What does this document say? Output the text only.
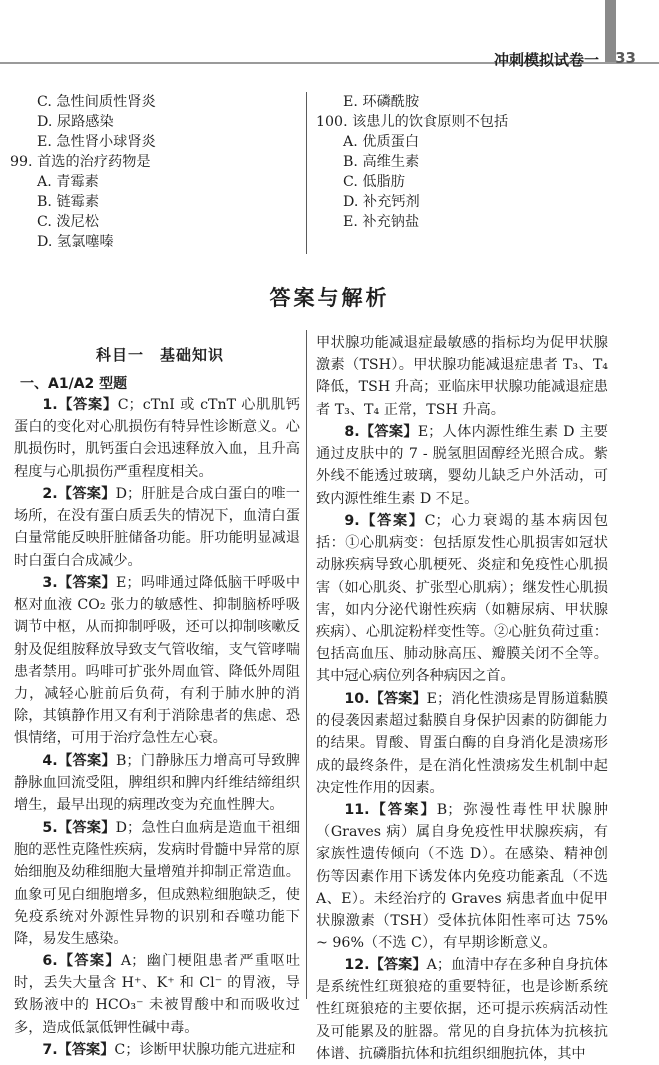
冲刺模拟试卷一 33
C. 急性间质性肾炎
D. 尿路感染
E. 急性肾小球肾炎
99. 首选的治疗药物是
A. 青霉素
B. 链霉素
C. 泼尼松
D. 氢氯噻嗪
E. 环磷酰胺
100. 该患儿的饮食原则不包括
A. 优质蛋白
B. 高维生素
C. 低脂肪
D. 补充钙剂
E. 补充钠盐
答案与解析
科目一　基础知识
一、A1/A2 型题
1.【答案】C；cTnI 或 cTnT 心肌肌钙蛋白的变化对心肌损伤有特异性诊断意义。心肌损伤时，肌钙蛋白会迅速释放入血，且升高程度与心肌损伤严重程度相关。
2.【答案】D；肝脏是合成白蛋白的唯一场所，在没有蛋白质丢失的情况下，血清白蛋白量常能反映肝脏储备功能。肝功能明显减退时白蛋白合成减少。
3.【答案】E；吗啡通过降低脑干呼吸中枢对血液 CO₂ 张力的敏感性、抑制脑桥呼吸调节中枢，从而抑制呼吸，还可以抑制咳嗽反射及促组胺释放导致支气管收缩，支气管哮喘患者禁用。吗啡可扩张外周血管、降低外周阻力，减轻心脏前后负荷，有利于肺水肿的消除，其镇静作用又有利于消除患者的焦虑、恐惧情绪，可用于治疗急性左心衰。
4.【答案】B；门静脉压力增高可导致脾静脉血回流受阻，脾组织和脾内纤维结缔组织增生，最早出现的病理改变为充血性脾大。
5.【答案】D；急性白血病是造血干祖细胞的恶性克隆性疾病，发病时骨髓中异常的原始细胞及幼稚细胞大量增殖并抑制正常造血。血象可见白细胞增多，但成熟粒细胞缺乏，使免疫系统对外源性异物的识别和吞噬功能下降，易发生感染。
6.【答案】A；幽门梗阻患者严重呕吐时，丢失大量含 H⁺、K⁺ 和 Cl⁻ 的胃液，导致肠液中的 HCO₃⁻ 未被胃酸中和而吸收过多，造成低氯低钾性碱中毒。
7.【答案】C；诊断甲状腺功能亢进症和
甲状腺功能减退症最敏感的指标均为促甲状腺激素（TSH）。甲状腺功能减退症患者 T₃、T₄ 降低，TSH 升高；亚临床甲状腺功能减退症患者 T₃、T₄ 正常，TSH 升高。
8.【答案】E；人体内源性维生素 D 主要通过皮肤中的 7 - 脱氢胆固醇经光照合成。紫外线不能透过玻璃，婴幼儿缺乏户外活动，可致内源性维生素 D 不足。
9.【答案】C；心力衰竭的基本病因包括：①心肌病变：包括原发性心肌损害如冠状动脉疾病导致心肌梗死、炎症和免疫性心肌损害（如心肌炎、扩张型心肌病）；继发性心肌损害，如内分泌代谢性疾病（如糖尿病、甲状腺疾病）、心肌淀粉样变性等。②心脏负荷过重：包括高血压、肺动脉高压、瓣膜关闭不全等。其中冠心病位列各种病因之首。
10.【答案】E；消化性溃疡是胃肠道黏膜的侵袭因素超过黏膜自身保护因素的防御能力的结果。胃酸、胃蛋白酶的自身消化是溃疡形成的最终条件，是在消化性溃疡发生机制中起决定性作用的因素。
11.【答案】B；弥漫性毒性甲状腺肿（Graves 病）属自身免疫性甲状腺疾病，有家族性遗传倾向（不选 D）。在感染、精神创伤等因素作用下诱发体内免疫功能紊乱（不选 A、E）。未经治疗的 Graves 病患者血中促甲状腺激素（TSH）受体抗体阳性率可达 75% ~ 96%（不选 C），有早期诊断意义。
12.【答案】A；血清中存在多种自身抗体是系统性红斑狼疮的重要特征，也是诊断系统性红斑狼疮的主要依据，还可提示疾病活动性及可能累及的脏器。常见的自身抗体为抗核抗体谱、抗磷脂抗体和抗组织细胞抗体，其中
